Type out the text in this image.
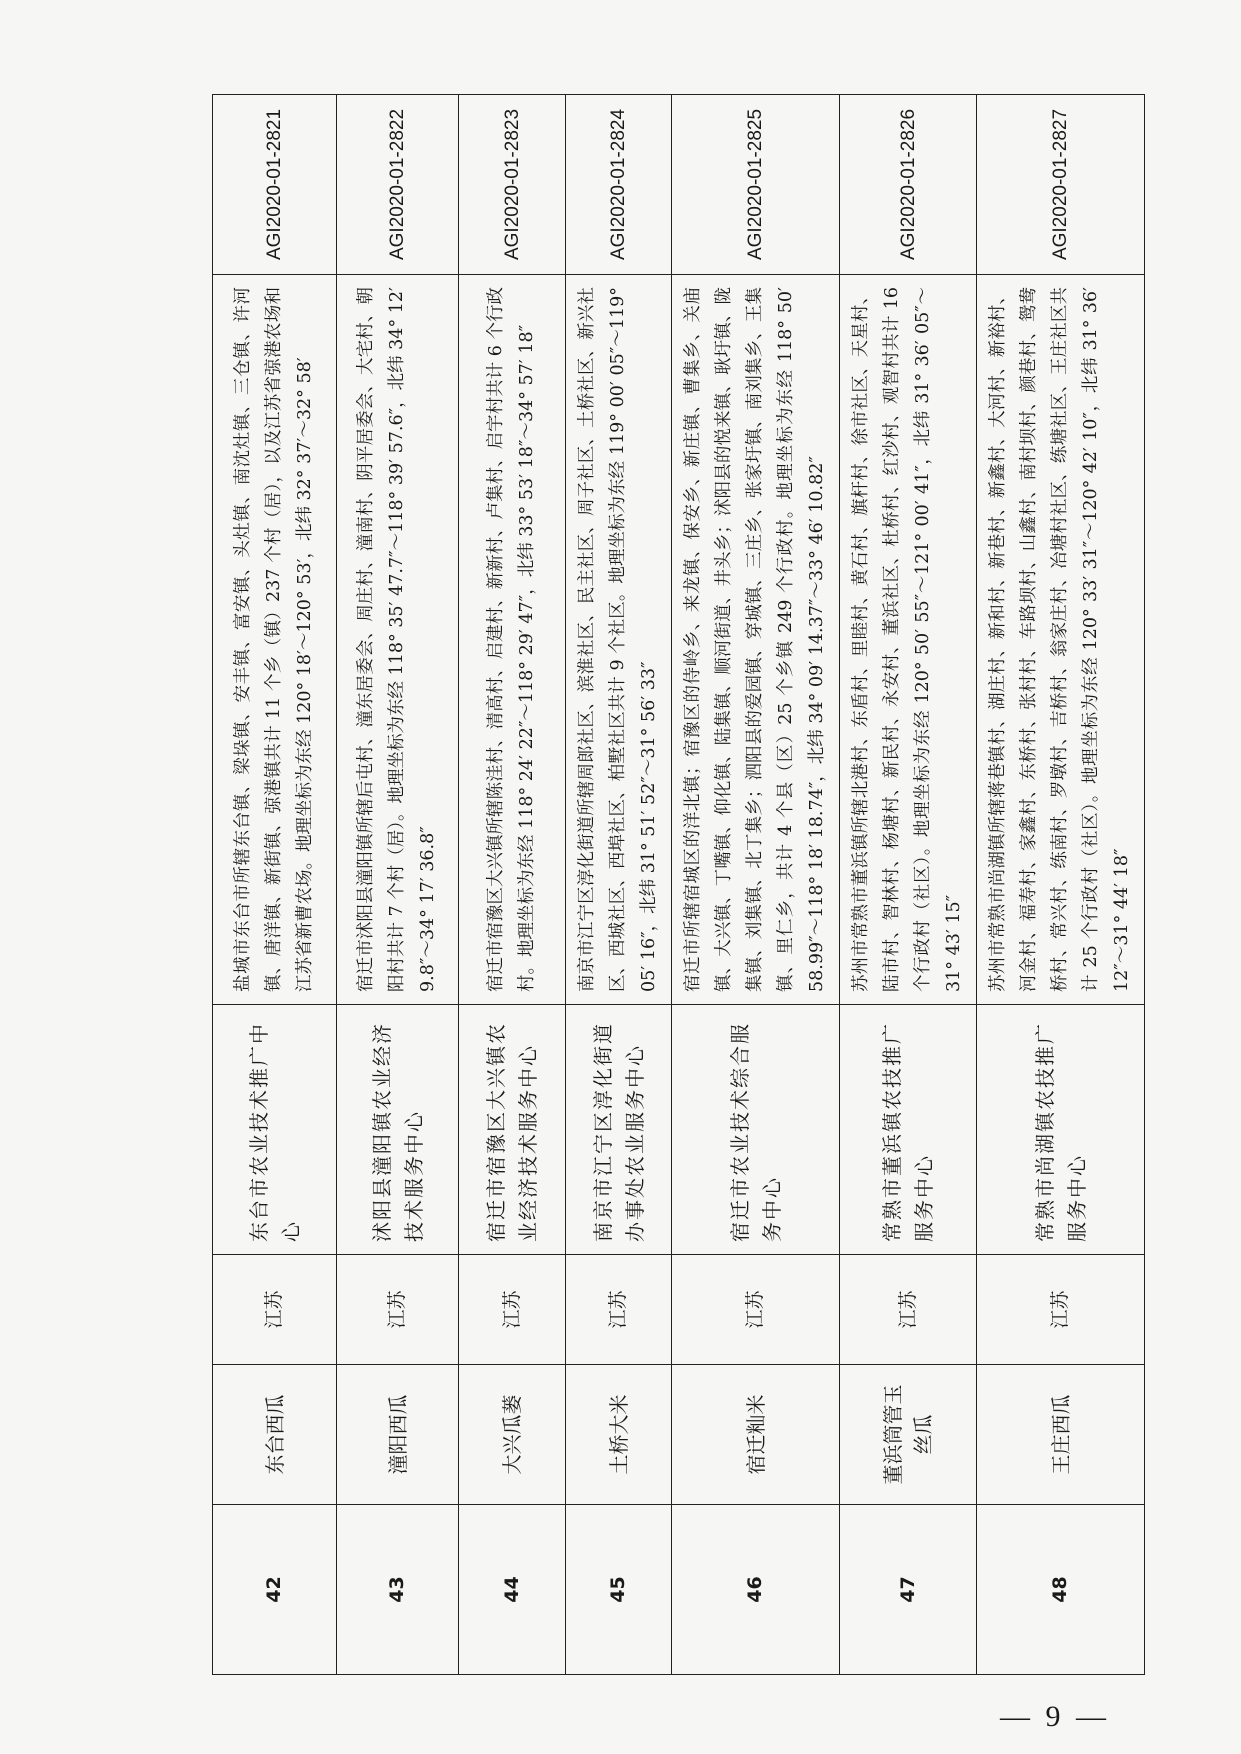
42	东台西瓜	江苏	东台市农业技术推广中心	盐城市东台市所辖东台镇、梁垛镇、安丰镇、富安镇、头灶镇、南沈灶镇、三仓镇、许河镇、唐洋镇、新街镇、弶港镇共计 11 个乡（镇）237 个村（居），以及江苏省弶港农场和江苏省新曹农场。地理坐标为东经 120° 18′～120° 53′，北纬 32° 37′～32° 58′	AGI2020-01-2821
43	潼阳西瓜	江苏	沭阳县潼阳镇农业经济技术服务中心	宿迁市沭阳县潼阳镇所辖后屯村、潼东居委会、周庄村、潼南村、阴平居委会、大宅村、朝阳村共计 7 个村（居）。地理坐标为东经 118° 35′ 47.7″～118° 39′ 57.6″，北纬 34° 12′ 9.8″～34° 17′ 36.8″	AGI2020-01-2822
44	大兴瓜蒌	江苏	宿迁市宿豫区大兴镇农业经济技术服务中心	宿迁市宿豫区大兴镇所辖陈洼村、清高村、启建村、新新村、卢集村、启宇村共计 6 个行政村。地理坐标为东经 118° 24′ 22″～118° 29′ 47″，北纬 33° 53′ 18″～34° 57′ 18″	AGI2020-01-2823
45	土桥大米	江苏	南京市江宁区淳化街道办事处农业服务中心	南京市江宁区淳化街道所辖周郎社区、滨淮社区、民主社区、周子社区、土桥社区、新兴社区、西城社区、西埠社区、柏墅社区共计 9 个社区。地理坐标为东经 119° 00′ 05″～119° 05′ 16″，北纬 31° 51′ 52″～31° 56′ 33″	AGI2020-01-2824
46	宿迁籼米	江苏	宿迁市农业技术综合服务中心	宿迁市所辖宿城区的洋北镇；宿豫区的侍岭乡、来龙镇、保安乡、新庄镇、曹集乡、关庙镇、大兴镇、丁嘴镇、仰化镇、陆集镇、顺河街道、井头乡；沭阳县的悦来镇、耿圩镇、陇集镇、刘集镇、北丁集乡；泗阳县的爱园镇、穿城镇、三庄乡、张家圩镇、南刘集乡、王集镇、里仁乡，共计 4 个县（区）25 个乡镇 249 个行政村。地理坐标为东经 118° 50′ 58.99″～118° 18′ 18.74″，北纬 34° 09′ 14.37″～33° 46′ 10.82″	AGI2020-01-2825
47	董浜筒管玉丝瓜	江苏	常熟市董浜镇农技推广服务中心	苏州市常熟市董浜镇所辖北港村、东盾村、里睦村、黄石村、旗杆村、徐市社区、天星村、陆市村、智林村、杨塘村、新民村、永安村、董浜社区、杜桥村、红沙村、观智村共计 16 个行政村（社区）。地理坐标为东经 120° 50′ 55″～121° 00′ 41″，北纬 31° 36′ 05″～31° 43′ 15″	AGI2020-01-2826
48	王庄西瓜	江苏	常熟市尚湖镇农技推广服务中心	苏州市常熟市尚湖镇所辖蒋巷镇村、湖庄村、新和村、新巷村、新鑫村、大河村、新裕村、河金村、福寿村、家鑫村、东桥村、张村村、车路坝村、山鑫村、南村坝村、颜巷村、鸳鸯桥村、常兴村、练南村、罗墩村、吉桥村、翁家庄村、冶塘村社区、练塘社区、王庄社区共计 25 个行政村（社区）。地理坐标为东经 120° 33′ 31″～120° 42′ 10″，北纬 31° 36′ 12″～31° 44′ 18″	AGI2020-01-2827
— 9 —
